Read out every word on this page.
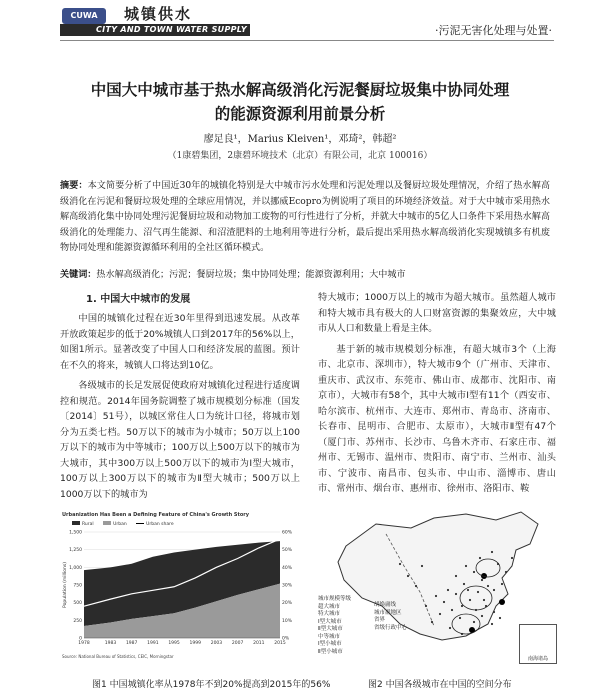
CUWA	城镇供水
CITY AND TOWN WATER SUPPLY	·污泥无害化处理与处置·
中国大中城市基于热水解高级消化污泥餐厨垃圾集中协同处理
的能源资源利用前景分析
廖足良¹，Marius Kleiven¹，邓琦²，韩超²
（1康碧集团，2康碧环境技术（北京）有限公司，北京 100016）
摘要：本文简要分析了中国近30年的城镇化特别是大中城市污水处理和污泥处理以及餐厨垃圾处理情况，介绍了热水解高级消化在污泥和餐厨垃圾处理的全球应用情况，并以挪威Ecopro为例说明了项目的环境经济效益。对于大中城市采用热水解高级消化集中协同处理污泥餐厨垃圾和动物加工废物的可行性进行了分析，并就大中城市的5亿人口条件下采用热水解高级消化的处理能力、沼气再生能源、和沼渣肥料的土地利用等进行分析，最后提出采用热水解高级消化实现城镇多有机废物协同处理和能源资源循环利用的全社区循环模式。
关键词：热水解高级消化；污泥；餐厨垃圾；集中协同处理；能源资源利用；大中城市
1. 中国大中城市的发展

中国的城镇化过程在近30年里得到迅速发展。从改革开放政策起步的低于20%城镇人口到2017年的56%以上，如图1所示。显著改变了中国人口和经济发展的蓝图。预计在不久的将来，城镇人口将达到10亿。

各级城市的长足发展促使政府对城镇化过程进行适度调控和规范。2014年国务院调整了城市规模划分标准（国发〔2014〕51号），以城区常住人口为统计口径，将城市划分为五类七档。50万以下的城市为小城市；50万以上100万以下的城市为中等城市；100万以上500万以下的城市为大城市，其中300万以上500万以下的城市为Ⅰ型大城市，100万以上300万以下的城市为Ⅱ型大城市；500万以上1000万以下的城市为

特大城市；1000万以上的城市为超大城市。虽然超人城市和特大城市具有极大的人口财富资源的集聚效应，大中城市从人口和数量上看是主体。

基于新的城市规模划分标准，有超大城市3个（上海市、北京市、深圳市），特大城市9个（广州市、天津市、重庆市、武汉市、东莞市、佛山市、成都市、沈阳市、南京市），大城市有58个，其中大城市Ⅰ型有11个（西安市、哈尔滨市、杭州市、大连市、郑州市、青岛市、济南市、长春市、昆明市、合肥市、太原市），大城市Ⅱ型有47个（厦门市、苏州市、长沙市、乌鲁木齐市、石家庄市、福州市、无锡市、温州市、贵阳市、南宁市、兰州市、汕头市、宁波市、南昌市、包头市、中山市、淄博市、唐山市、常州市、烟台市、惠州市、徐州市、洛阳市、鞍

Urbanization Has Been a Defining Feature of China's Growth Story
Rural	Urban	Urban share
0
250
500
750
1,000
1,250
1,500
0%
10%
20%
30%
40%
50%
60%
1978	1983 1987 1991 1995 1999 2003 2007 2011 2015
Population (millions)
Source: National Bureau of Statistics, CEIC, Morningstar
城市规模等级
超大城市
特大城市
Ⅰ型大城市
Ⅱ型大城市
中等城市
Ⅰ型小城市
Ⅱ型小城市
胡焕庸线
城市群地区
省界
省级行政中心
南海诸岛
图1 中国城镇化率从1978年不到20%提高到2015年的56%	图2 中国各级城市在中国的空间分布
